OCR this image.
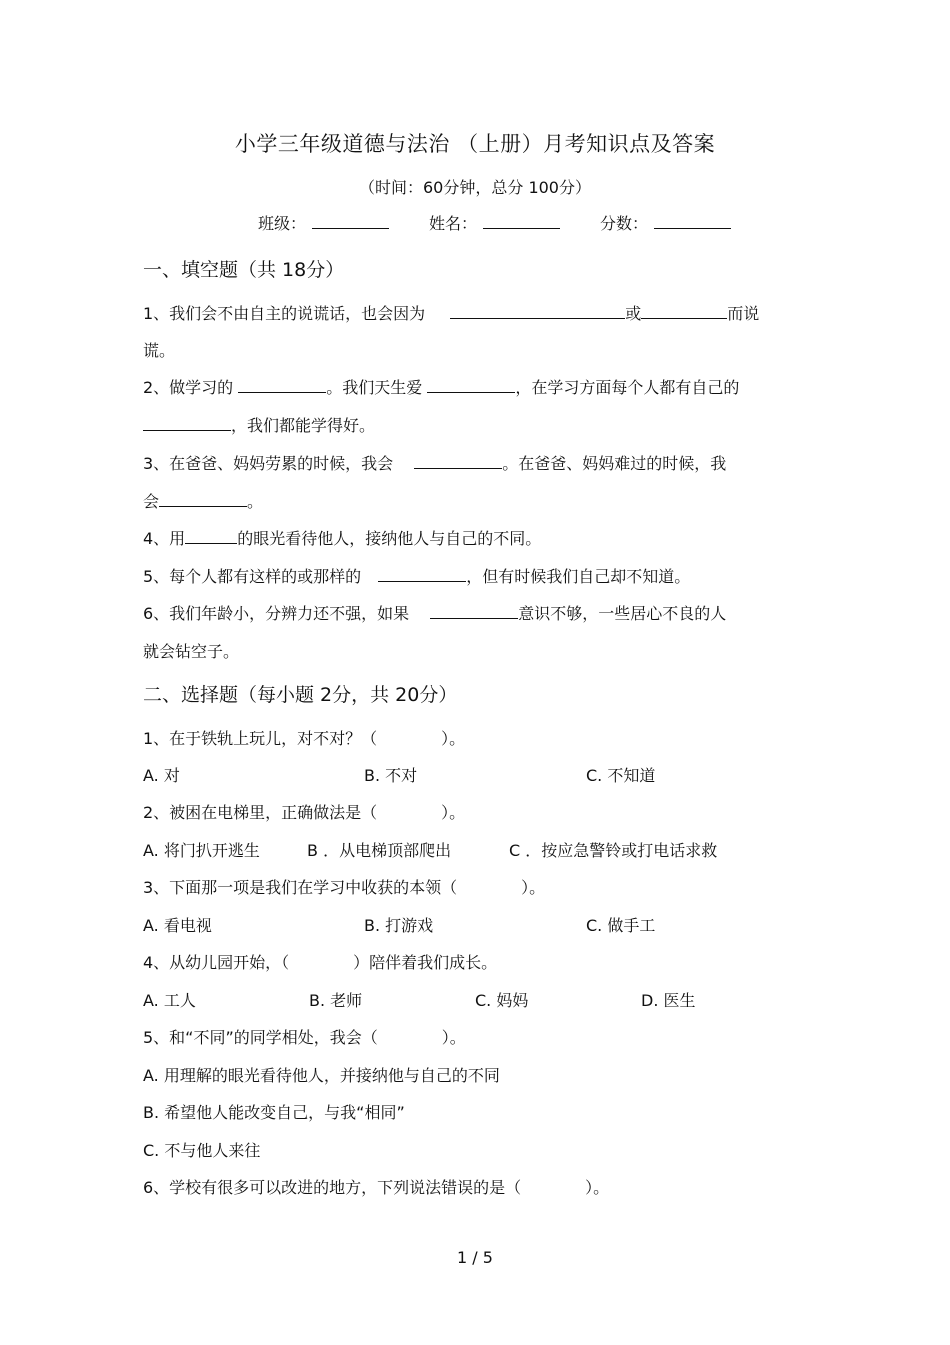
小学三年级道德与法治 （上册）月考知识点及答案
（时间：60分钟，总分 100分）
班级：	姓名：	分数：
一、填空题（共 18分）
1、我们会不由自主的说谎话，也会因为	或	而说
谎。
2、做学习的	。我们天生爱	，在学习方面每个人都有自己的
，我们都能学得好。
3、在爸爸、妈妈劳累的时候，我会	。在爸爸、妈妈难过的时候，我
会	。
4、用	的眼光看待他人，接纳他人与自己的不同。
5、每个人都有这样的或那样的	，但有时候我们自己却不知道。
6、我们年龄小，分辨力还不强，如果	意识不够，一些居心不良的人
就会钻空子。
二、选择题（每小题 2分，共 20分）
1、在于铁轨上玩儿，对不对？（　　　　）。
A. 对	B. 不对	C. 不知道
2、被困在电梯里，正确做法是（　　　　）。
A. 将门扒开逃生	B ．从电梯顶部爬出	C ．按应急警铃或打电话求救
3、下面那一项是我们在学习中收获的本领（　　　　）。
A. 看电视	B. 打游戏	C. 做手工
4、从幼儿园开始，（　　　　）陪伴着我们成长。
A. 工人	B. 老师	C. 妈妈	D. 医生
5、和“不同”的同学相处，我会（　　　　）。
A. 用理解的眼光看待他人，并接纳他与自己的不同
B. 希望他人能改变自己，与我“相同”
C. 不与他人来往
6、学校有很多可以改进的地方，下列说法错误的是（　　　　）。
1 / 5
